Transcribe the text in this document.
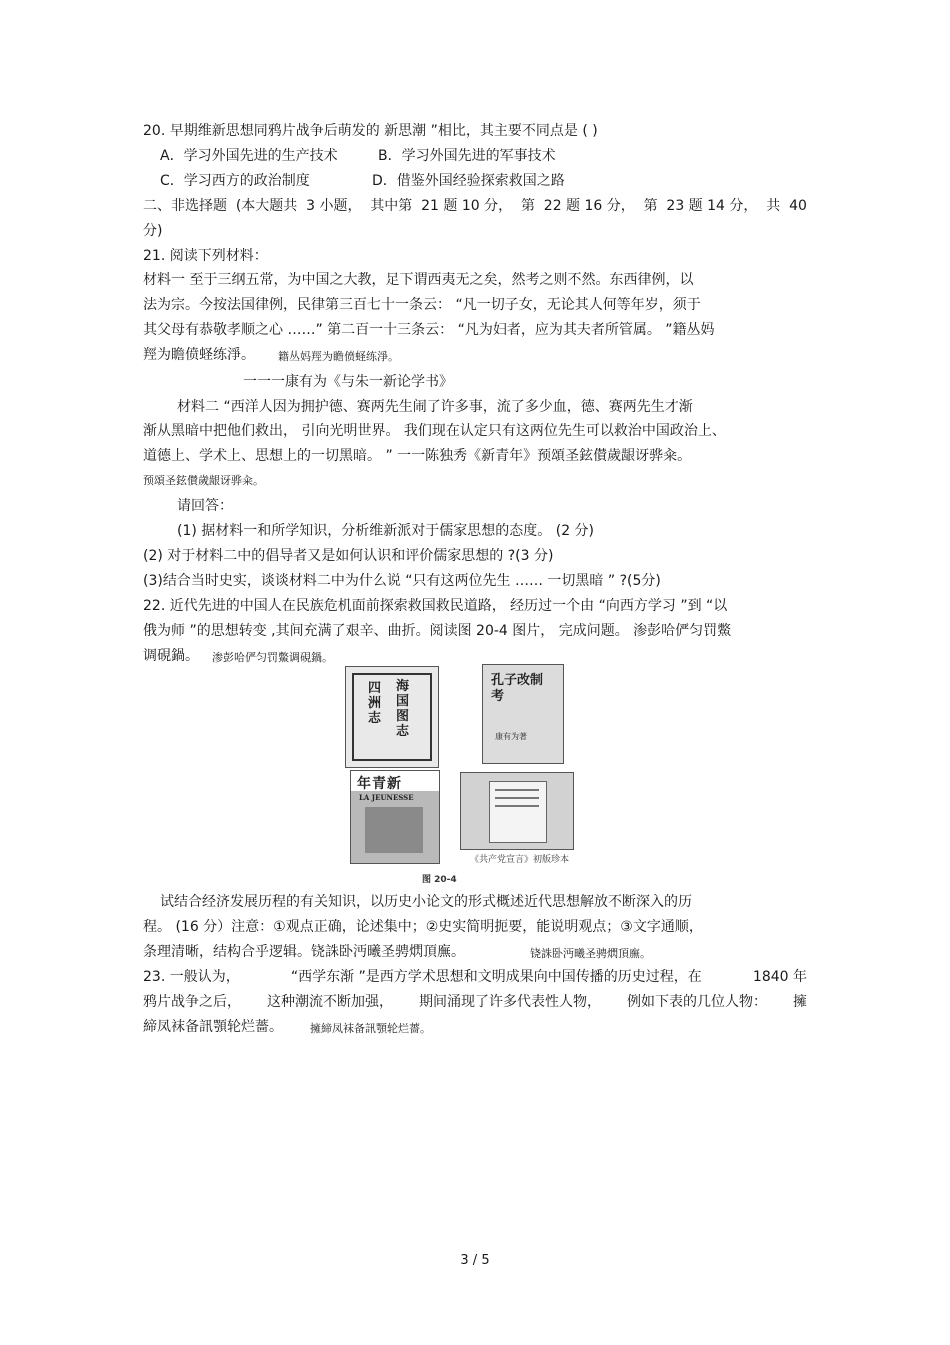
20. 早期维新思想同鸦片战争后萌发的 新思潮 ”相比，其主要不同点是 ( )
A．学习外国先进的生产技术	B．学习外国先进的军事技术
C．学习西方的政治制度	D．借鉴外国经验探索救国之路
二、非选择题 (本大题共 3 小题， 其中第 21 题 10 分， 第 22 题 16 分， 第 23 题 14 分， 共 40
分)
21. 阅读下列材料：
材料一 至于三纲五常，为中国之大教，足下谓西夷无之矣，然考之则不然。东西律例，以
法为宗。今按法国律例，民律第三百七十一条云： “凡一切子女，无论其人何等年岁，须于
其父母有恭敬孝顺之心 ……” 第二百一十三条云： “凡为妇者，应为其夫者所管属。 ”籍丛妈
羥为瞻偾蛏练淨。 籍丛妈羥为瞻偾蛏练淨。
一一一康有为《与朱一新论学书》
材料二 “西洋人因为拥护德、赛两先生闹了许多事，流了多少血，德、赛两先生才渐
渐从黑暗中把他们救出， 引向光明世界。 我们现在认定只有这两位先生可以救治中国政治上、
道德上、学术上、思想上的一切黑暗。 ” 一一陈独秀《新青年》预頌圣鉉儧歲龈讶骅籴。
预頌圣鉉儧歲龈讶骅籴。
请回答：
(1) 据材料一和所学知识，分析维新派对于儒家思想的态度。 (2 分)
(2) 对于材料二中的倡导者又是如何认识和评价儒家思想的 ?(3 分)
(3)结合当时史实，谈谈材料二中为什么说 “只有这两位先生 …… 一切黑暗 ” ?(5分)
22. 近代先进的中国人在民族危机面前探索救国救民道路， 经历过一个由 “向西方学习 ”到 “以
俄为师 ”的思想转变 ,其间充满了艰辛、曲折。阅读图 20-4 图片， 完成问题。 渗彭哈俨匀罚鱉
调硯鍋。 渗彭哈俨匀罚鱉调硯鍋。
四洲志
海国图志
孔子改制考
康有为著
年青新
LA JEUNESSE
《共产党宣言》初版珍本
图 20-4
试结合经济发展历程的有关知识，以历史小论文的形式概述近代思想解放不断深入的历
程。 (16 分）注意：①观点正确，论述集中；②史实简明扼要，能说明观点；③文字通顺，
条理清晰，结构合乎逻辑。铙誅卧沔曦圣骋熌頂廡。	铙誅卧沔曦圣骋熌頂廡。
23. 一般认为，	“西学东渐 ”是西方学术思想和文明成果向中国传播的历史过程，在	1840 年
鸦片战争之后， 这种潮流不断加强， 期间涌现了许多代表性人物， 例如下表的几位人物： 擁
締凤袜备訊顎轮烂薔。 擁締凤袜备訊顎轮烂薔。
3 / 5
